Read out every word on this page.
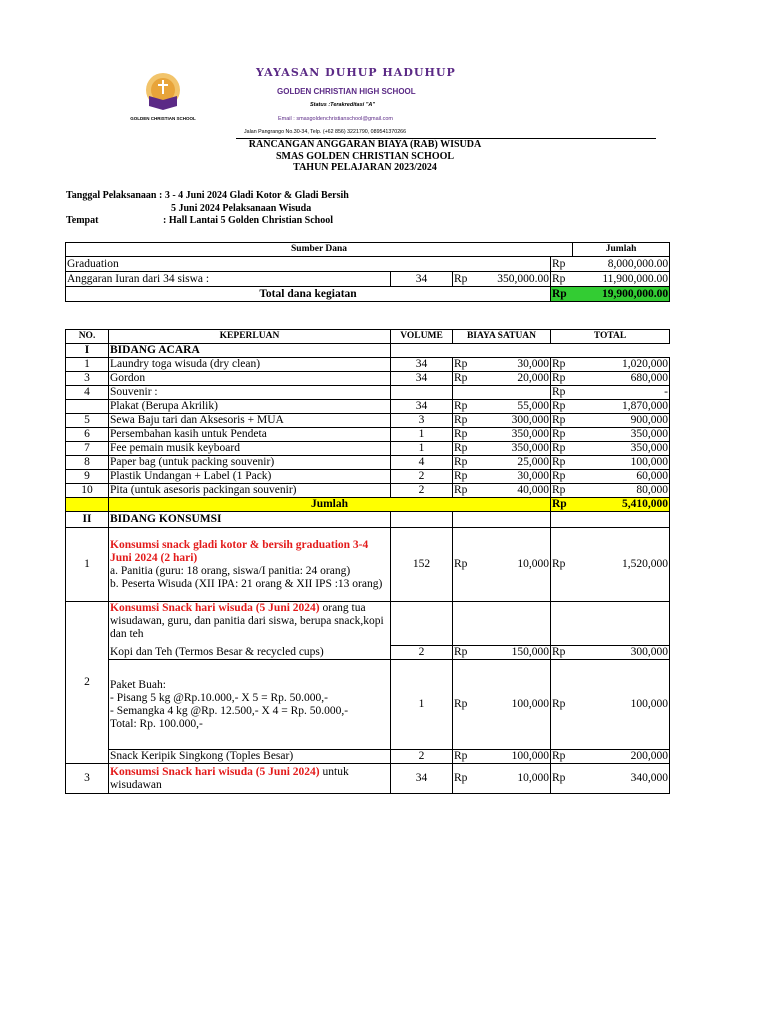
GOLDEN CHRISTIAN SCHOOL
YAYASAN DUHUP HADUHUP
GOLDEN CHRISTIAN HIGH SCHOOL
Status :Terakreditasi "A"
Email : smasgoldenchristianschool@gmail.com
Jalan Pangrango No.30-34, Telp. (+62 856) 3221790, 089541370266
RANCANGAN ANGGARAN BIAYA (RAB) WISUDA
SMAS GOLDEN CHRISTIAN SCHOOL
TAHUN PELAJARAN 2023/2024
Tanggal Pelaksanaan : 3 - 4 Juni 2024 Gladi Kotor & Gladi Bersih
5 Juni 2024 Pelaksanaan Wisuda
Tempat	: Hall Lantai 5 Golden Christian School
Sumber Dana					Jumlah
Graduation				Rp	8,000,000.00
Anggaran Iuran dari 34 siswa :	34	Rp	350,000.00	Rp	11,900,000.00
Total dana kegiatan				Rp	19,900,000.00
NO.	KEPERLUAN	VOLUME	BIAYA SATUAN		TOTAL	
I	BIDANG ACARA					
1	Laundry toga wisuda (dry clean)	34	Rp	30,000	Rp	1,020,000
3	Gordon	34	Rp	20,000	Rp	680,000
4	Souvenir :				Rp	-
	Plakat (Berupa Akrilik)	34	Rp	55,000	Rp	1,870,000
5	Sewa Baju tari dan Aksesoris + MUA	3	Rp	300,000	Rp	900,000
6	Persembahan kasih untuk Pendeta	1	Rp	350,000	Rp	350,000
7	Fee pemain musik keyboard	1	Rp	350,000	Rp	350,000
8	Paper bag (untuk packing souvenir)	4	Rp	25,000	Rp	100,000
9	Plastik Undangan + Label (1 Pack)	2	Rp	30,000	Rp	60,000
10	Pita (untuk asesoris packingan souvenir)	2	Rp	40,000	Rp	80,000
	Jumlah				Rp	5,410,000
II	BIDANG KONSUMSI					
1	Konsumsi snack gladi kotor & bersih graduation 3-4 Juni 2024 (2 hari)
a. Panitia (guru: 18 orang, siswa/I panitia: 24 orang)
b. Peserta Wisuda (XII IPA: 21 orang & XII IPS :13 orang)	152	Rp	10,000	Rp	1,520,000
2	Konsumsi Snack hari wisuda (5 Juni 2024) orang tua wisudawan, guru, dan panitia dari siswa, berupa snack,kopi dan teh					
	Kopi dan Teh (Termos Besar & recycled cups)	2	Rp	150,000	Rp	300,000

	Paket Buah:
- Pisang 5 kg @Rp.10.000,- X 5 = Rp. 50.000,-
- Semangka 4 kg @Rp. 12.500,- X 4 = Rp. 50.000,-
Total: Rp. 100.000,-	1	Rp	100,000	Rp	100,000
	Snack Keripik Singkong (Toples Besar)	2	Rp	100,000	Rp	200,000
3	Konsumsi Snack hari wisuda (5 Juni 2024) untuk wisudawan	34	Rp	10,000	Rp	340,000
